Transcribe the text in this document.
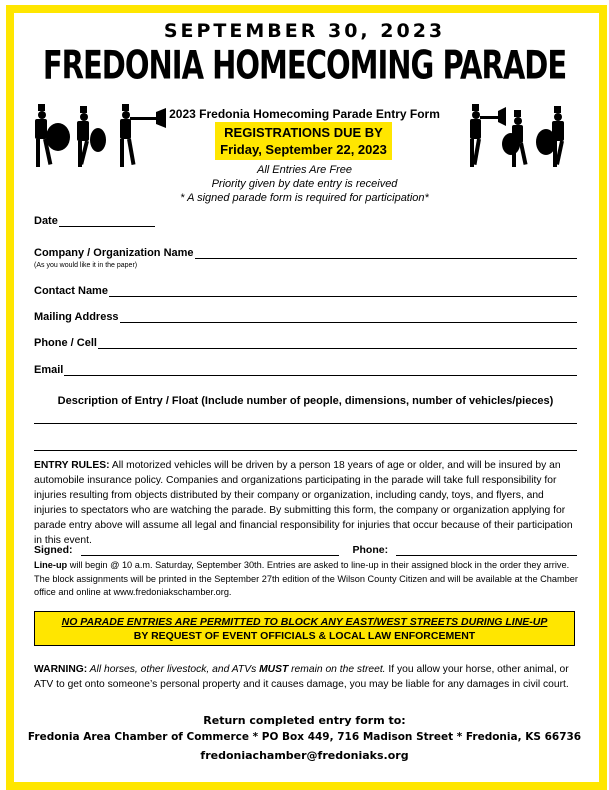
SEPTEMBER 30, 2023
FREDONIA HOMECOMING PARADE
2023 Fredonia Homecoming Parade Entry Form
REGISTRATIONS DUE BY
Friday, September 22, 2023
All Entries Are Free
Priority given by date entry is received
* A signed parade form is required for participation*
Date
Company / Organization Name
(As you would like it in the paper)
Contact Name
Mailing Address
Phone / Cell
Email
Description of Entry / Float (Include number of people, dimensions, number of vehicles/pieces)
ENTRY RULES: All motorized vehicles will be driven by a person 18 years of age or older, and will be insured by an automobile insurance policy. Companies and organizations participating in the parade will take full responsibility for injuries resulting from objects distributed by their company or organization, including candy, toys, and flyers, and injuries to spectators who are watching the parade. By submitting this form, the company or organization applying for parade entry above will assume all legal and financial responsibility for injuries that occur because of their participation in this event.
Signed:	Phone:
Line-up will begin @ 10 a.m. Saturday, September 30th. Entries are asked to line-up in their assigned block in the order they arrive. The block assignments will be printed in the September 27th edition of the Wilson County Citizen and will be available at the Chamber office and online at www.fredoniakschamber.org.
NO PARADE ENTRIES ARE PERMITTED TO BLOCK ANY EAST/WEST STREETS DURING LINE-UP
BY REQUEST OF EVENT OFFICIALS & LOCAL LAW ENFORCEMENT
WARNING: All horses, other livestock, and ATVs MUST remain on the street. If you allow your horse, other animal, or ATV to get onto someone’s personal property and it causes damage, you may be liable for any damages in civil court.
Return completed entry form to:
Fredonia Area Chamber of Commerce * PO Box 449, 716 Madison Street * Fredonia, KS 66736
fredoniachamber@fredoniaks.org
